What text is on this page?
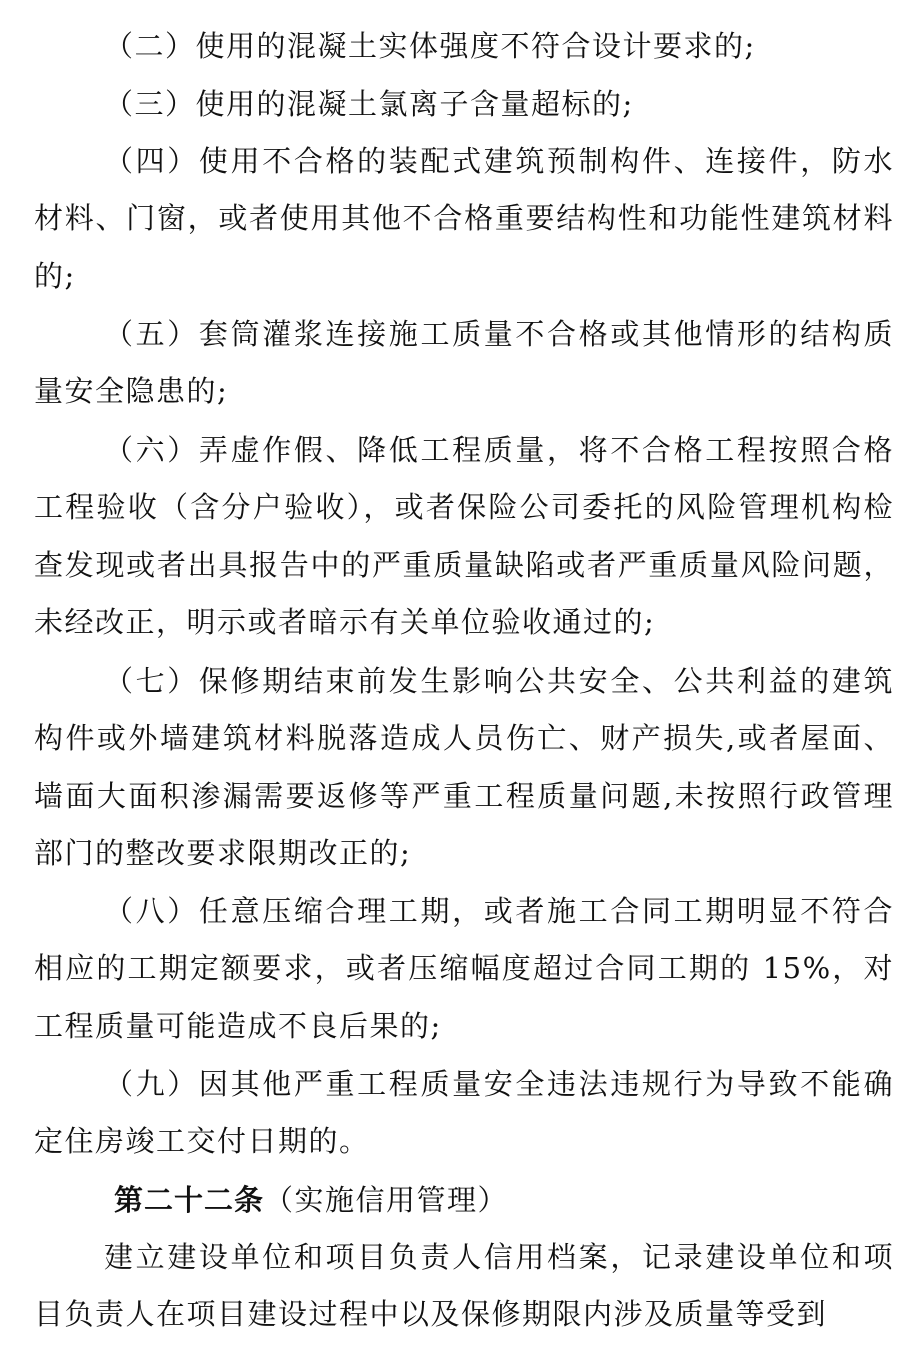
（二）使用的混凝土实体强度不符合设计要求的;

（三）使用的混凝土氯离子含量超标的;

（四）使用不合格的装配式建筑预制构件、连接件，防水材料、门窗，或者使用其他不合格重要结构性和功能性建筑材料的;

（五）套筒灌浆连接施工质量不合格或其他情形的结构质量安全隐患的;

（六）弄虚作假、降低工程质量，将不合格工程按照合格工程验收（含分户验收），或者保险公司委托的风险管理机构检查发现或者出具报告中的严重质量缺陷或者严重质量风险问题，未经改正，明示或者暗示有关单位验收通过的;

（七）保修期结束前发生影响公共安全、公共利益的建筑构件或外墙建筑材料脱落造成人员伤亡、财产损失,或者屋面、墙面大面积渗漏需要返修等严重工程质量问题,未按照行政管理部门的整改要求限期改正的;

（八）任意压缩合理工期，或者施工合同工期明显不符合相应的工期定额要求，或者压缩幅度超过合同工期的 15%，对工程质量可能造成不良后果的;

（九）因其他严重工程质量安全违法违规行为导致不能确定住房竣工交付日期的。

第二十二条（实施信用管理）

建立建设单位和项目负责人信用档案，记录建设单位和项目负责人在项目建设过程中以及保修期限内涉及质量等受到
